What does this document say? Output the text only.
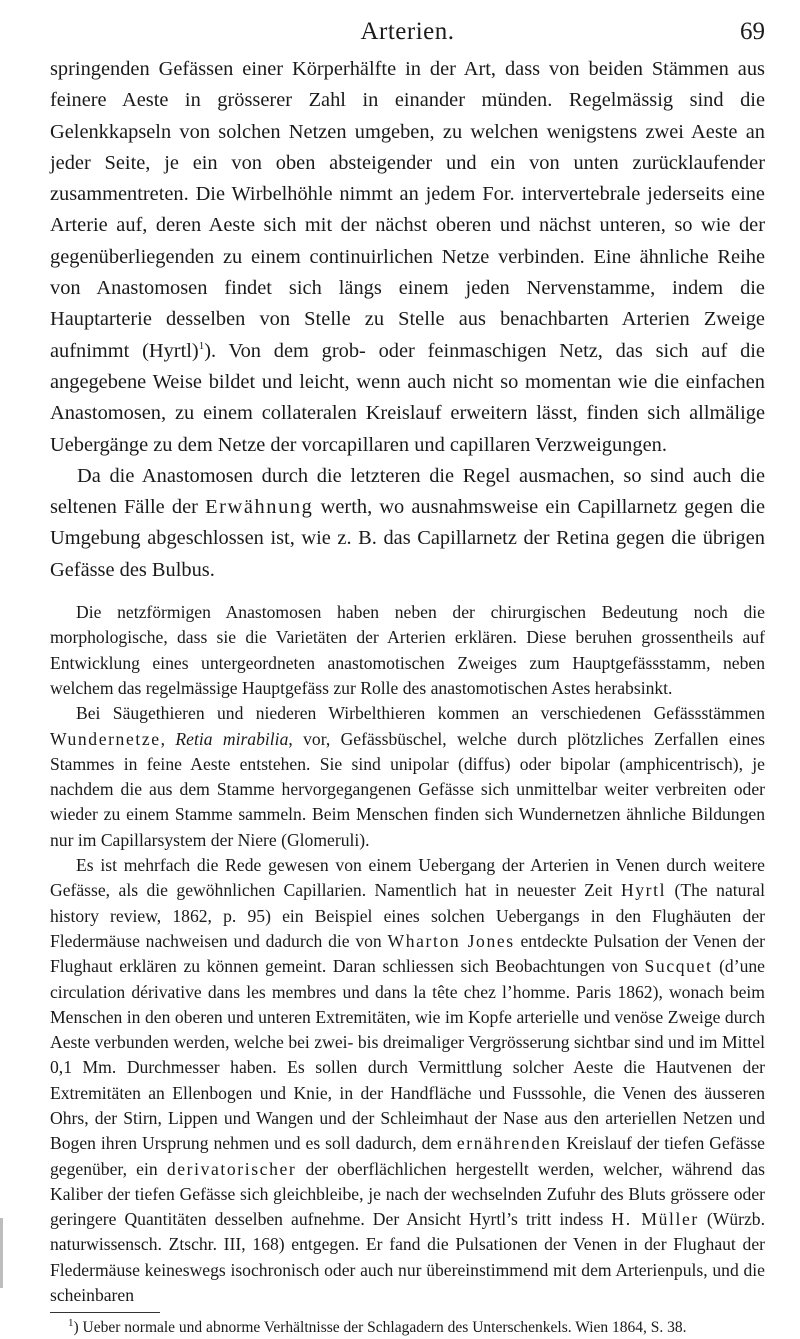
Arterien.	69

springenden Gefässen einer Körperhälfte in der Art, dass von beiden Stämmen aus feinere Aeste in grösserer Zahl in einander münden. Regelmässig sind die Gelenkkapseln von solchen Netzen umgeben, zu welchen wenigstens zwei Aeste an jeder Seite, je ein von oben absteigender und ein von unten zurücklaufender zusammentreten. Die Wirbelhöhle nimmt an jedem For. intervertebrale jederseits eine Arterie auf, deren Aeste sich mit der nächst oberen und nächst unteren, so wie der gegenüberliegenden zu einem continuirlichen Netze verbinden. Eine ähnliche Reihe von Anastomosen findet sich längs einem jeden Nervenstamme, indem die Hauptarterie desselben von Stelle zu Stelle aus benachbarten Arterien Zweige aufnimmt (Hyrtl)$^1$). Von dem grob- oder feinmaschigen Netz, das sich auf die angegebene Weise bildet und leicht, wenn auch nicht so momentan wie die einfachen Anastomosen, zu einem collateralen Kreislauf erweitern lässt, finden sich allmälige Uebergänge zu dem Netze der vorcapillaren und capillaren Verzweigungen.

Da die Anastomosen durch die letzteren die Regel ausmachen, so sind auch die seltenen Fälle der Erwähnung werth, wo ausnahmsweise ein Capillarnetz gegen die Umgebung abgeschlossen ist, wie z. B. das Capillarnetz der Retina gegen die übrigen Gefässe des Bulbus.

Die netzförmigen Anastomosen haben neben der chirurgischen Bedeutung noch die morphologische, dass sie die Varietäten der Arterien erklären. Diese beruhen grossentheils auf Entwicklung eines untergeordneten anastomotischen Zweiges zum Hauptgefässstamm, neben welchem das regelmässige Hauptgefäss zur Rolle des anastomotischen Astes herabsinkt.

Bei Säugethieren und niederen Wirbelthieren kommen an verschiedenen Gefässstämmen Wundernetze, Retia mirabilia, vor, Gefässbüschel, welche durch plötzliches Zerfallen eines Stammes in feine Aeste entstehen. Sie sind unipolar (diffus) oder bipolar (amphicentrisch), je nachdem die aus dem Stamme hervorgegangenen Gefässe sich unmittelbar weiter verbreiten oder wieder zu einem Stamme sammeln. Beim Menschen finden sich Wundernetzen ähnliche Bildungen nur im Capillarsystem der Niere (Glomeruli).

Es ist mehrfach die Rede gewesen von einem Uebergang der Arterien in Venen durch weitere Gefässe, als die gewöhnlichen Capillarien. Namentlich hat in neuester Zeit Hyrtl (The natural history review, 1862, p. 95) ein Beispiel eines solchen Uebergangs in den Flughäuten der Fledermäuse nachweisen und dadurch die von Wharton Jones entdeckte Pulsation der Venen der Flughaut erklären zu können gemeint. Daran schliessen sich Beobachtungen von Sucquet (d’une circulation dérivative dans les membres und dans la tête chez l’homme. Paris 1862), wonach beim Menschen in den oberen und unteren Extremitäten, wie im Kopfe arterielle und venöse Zweige durch Aeste verbunden werden, welche bei zwei- bis dreimaliger Vergrösserung sichtbar sind und im Mittel 0,1 Mm. Durchmesser haben. Es sollen durch Vermittlung solcher Aeste die Hautvenen der Extremitäten an Ellenbogen und Knie, in der Handfläche und Fusssohle, die Venen des äusseren Ohrs, der Stirn, Lippen und Wangen und der Schleimhaut der Nase aus den arteriellen Netzen und Bogen ihren Ursprung nehmen und es soll dadurch, dem ernährenden Kreislauf der tiefen Gefässe gegenüber, ein derivatorischer der oberflächlichen hergestellt werden, welcher, während das Kaliber der tiefen Gefässe sich gleichbleibe, je nach der wechselnden Zufuhr des Bluts grössere oder geringere Quantitäten desselben aufnehme. Der Ansicht Hyrtl’s tritt indess H. Müller (Würzb. naturwissensch. Ztschr. III, 168) entgegen. Er fand die Pulsationen der Venen in der Flughaut der Fledermäuse keineswegs isochronisch oder auch nur übereinstimmend mit dem Arterienpuls, und die scheinbaren

$^1$) Ueber normale und abnorme Verhältnisse der Schlagadern des Unterschenkels. Wien 1864, S. 38.
